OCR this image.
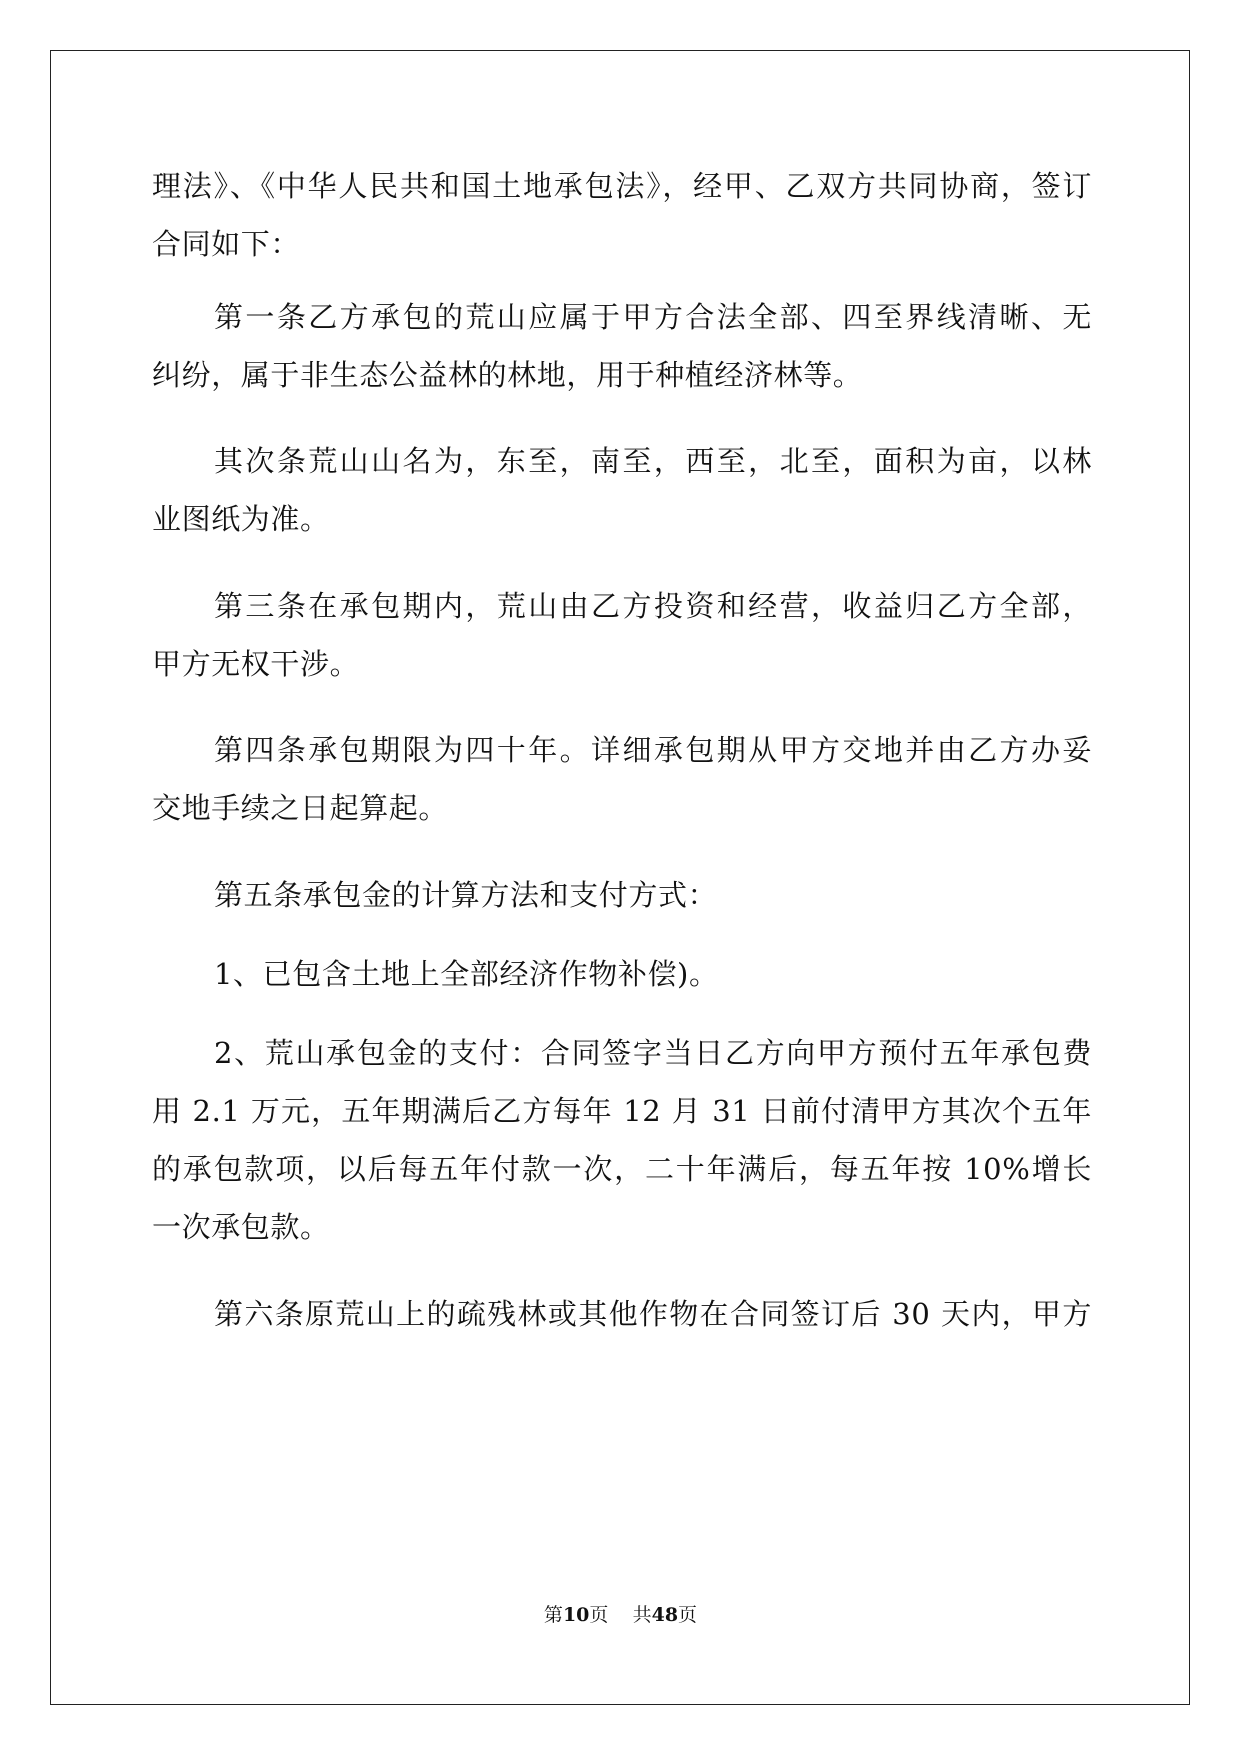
理法》、《中华人民共和国土地承包法》，经甲、乙双方共同协商，签订
合同如下：
第一条乙方承包的荒山应属于甲方合法全部、四至界线清晰、无
纠纷，属于非生态公益林的林地，用于种植经济林等。
其次条荒山山名为，东至，南至，西至，北至，面积为亩，以林
业图纸为准。
第三条在承包期内，荒山由乙方投资和经营，收益归乙方全部，
甲方无权干涉。
第四条承包期限为四十年。详细承包期从甲方交地并由乙方办妥
交地手续之日起算起。
第五条承包金的计算方法和支付方式：
1、已包含土地上全部经济作物补偿)。
2、荒山承包金的支付：合同签字当日乙方向甲方预付五年承包费
用 2.1 万元，五年期满后乙方每年 12 月 31 日前付清甲方其次个五年
的承包款项，以后每五年付款一次，二十年满后，每五年按 10%增长
一次承包款。
第六条原荒山上的疏残林或其他作物在合同签订后 30 天内，甲方
第10页 共48页
